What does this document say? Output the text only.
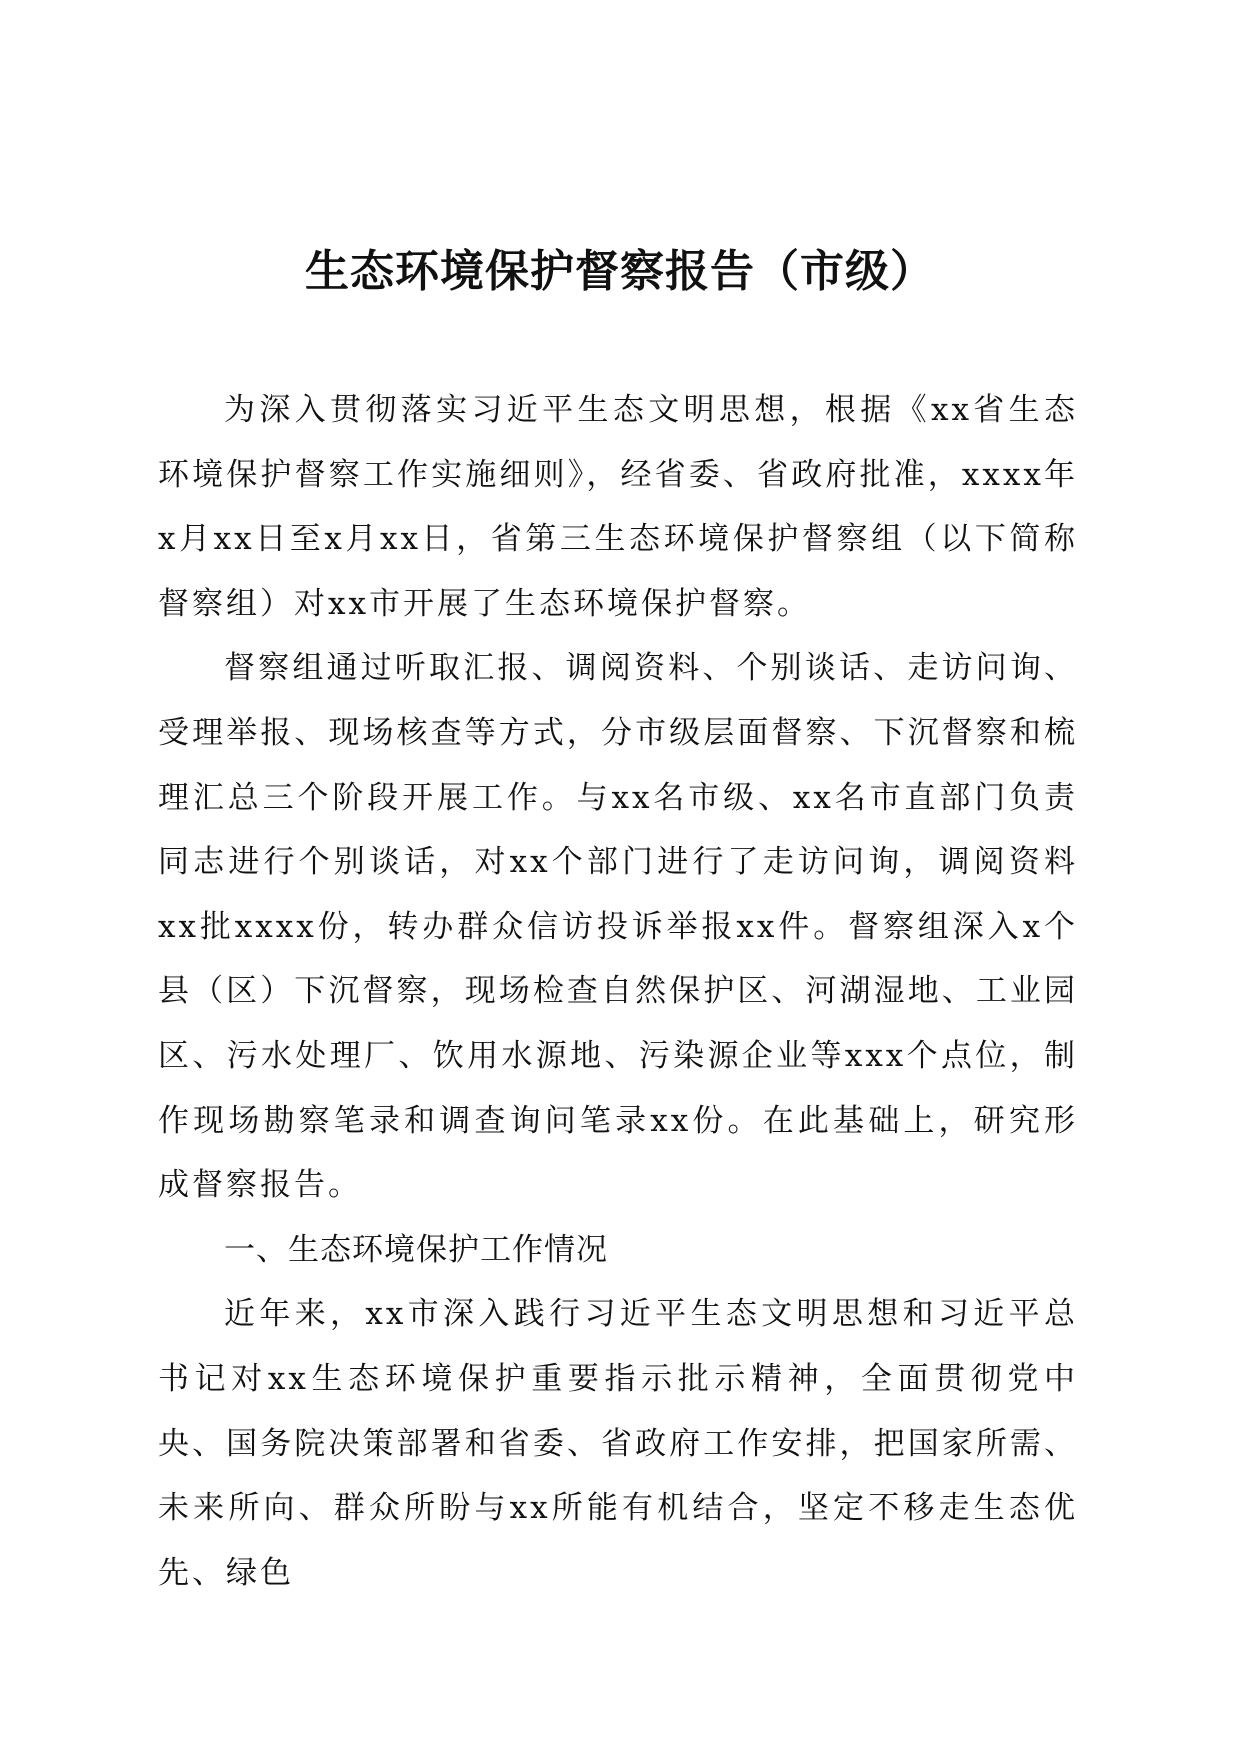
生态环境保护督察报告（市级）

为深入贯彻落实习近平生态文明思想，根据《xx省生态环境保护督察工作实施细则》，经省委、省政府批准，xxxx年x月xx日至x月xx日，省第三生态环境保护督察组（以下简称督察组）对xx市开展了生态环境保护督察。

督察组通过听取汇报、调阅资料、个别谈话、走访问询、受理举报、现场核查等方式，分市级层面督察、下沉督察和梳理汇总三个阶段开展工作。与xx名市级、xx名市直部门负责同志进行个别谈话，对xx个部门进行了走访问询，调阅资料xx批xxxx份，转办群众信访投诉举报xx件。督察组深入x个县（区）下沉督察，现场检查自然保护区、河湖湿地、工业园区、污水处理厂、饮用水源地、污染源企业等xxx个点位，制作现场勘察笔录和调查询问笔录xx份。在此基础上，研究形成督察报告。

一、生态环境保护工作情况

近年来，xx市深入践行习近平生态文明思想和习近平总书记对xx生态环境保护重要指示批示精神，全面贯彻党中央、国务院决策部署和省委、省政府工作安排，把国家所需、未来所向、群众所盼与xx所能有机结合，坚定不移走生态优先、绿色
